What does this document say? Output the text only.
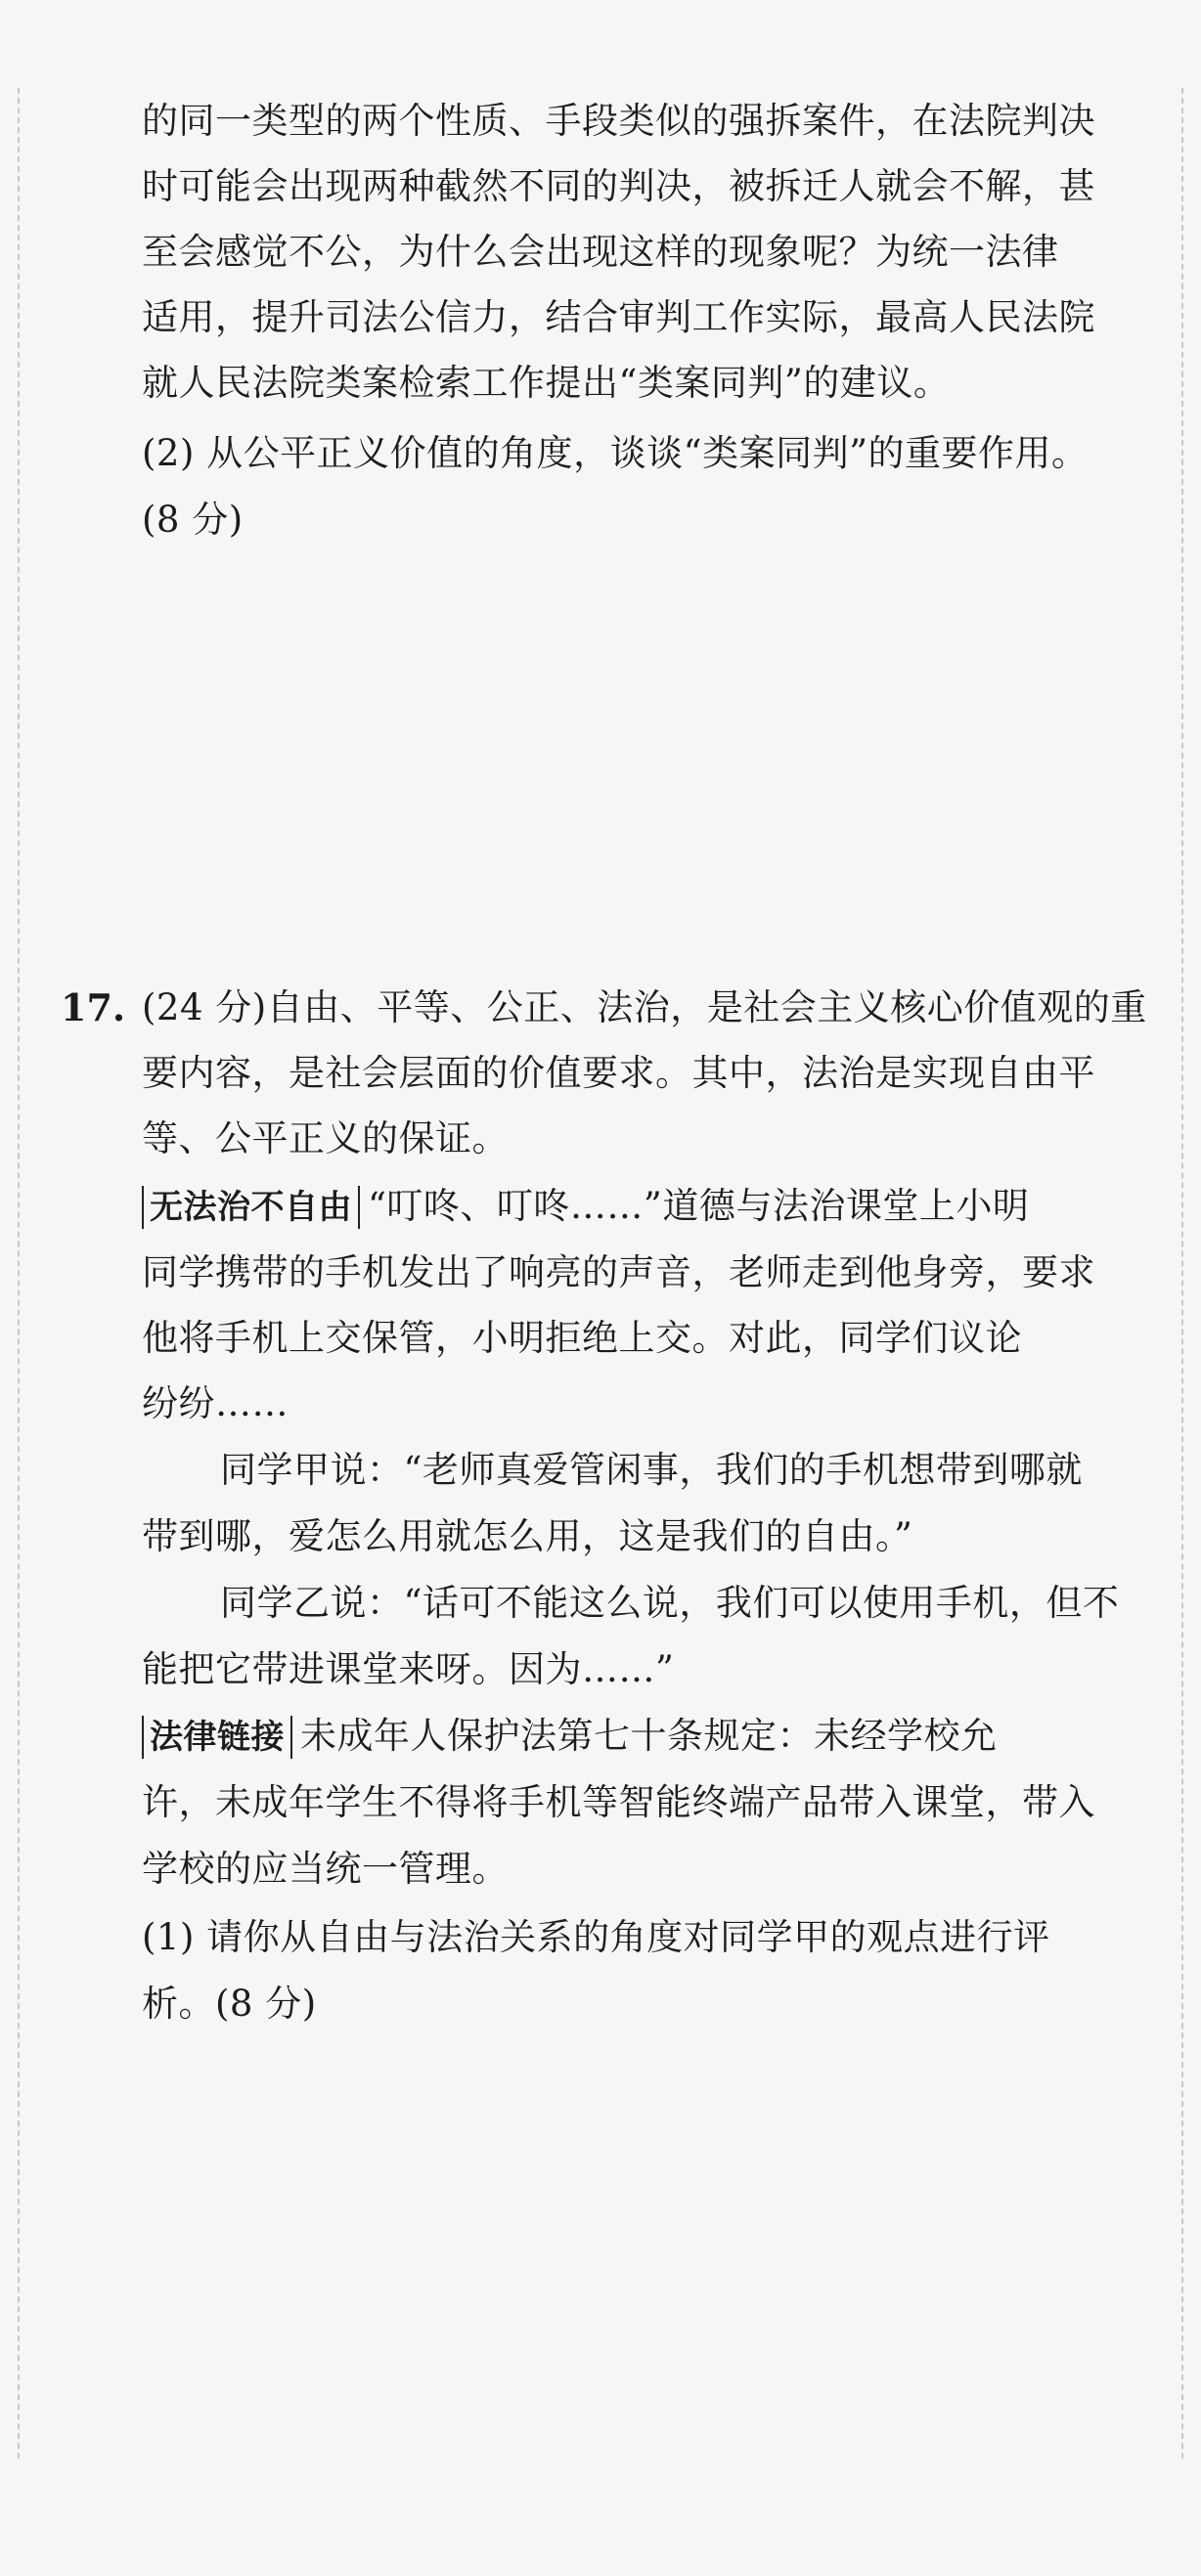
的同一类型的两个性质、手段类似的强拆案件，在法院判决
时可能会出现两种截然不同的判决，被拆迁人就会不解，甚
至会感觉不公，为什么会出现这样的现象呢？为统一法律
适用，提升司法公信力，结合审判工作实际，最高人民法院
就人民法院类案检索工作提出“类案同判”的建议。
(2) 从公平正义价值的角度，谈谈“类案同判”的重要作用。
(8 分)
17. (24 分)自由、平等、公正、法治，是社会主义核心价值观的重
要内容，是社会层面的价值要求。其中，法治是实现自由平
等、公平正义的保证。
无法治不自由 “叮咚、叮咚……”道德与法治课堂上小明
同学携带的手机发出了响亮的声音，老师走到他身旁，要求
他将手机上交保管，小明拒绝上交。对此，同学们议论
纷纷……
同学甲说：“老师真爱管闲事，我们的手机想带到哪就
带到哪，爱怎么用就怎么用，这是我们的自由。”
同学乙说：“话可不能这么说，我们可以使用手机，但不
能把它带进课堂来呀。因为……”
法律链接 未成年人保护法第七十条规定：未经学校允
许，未成年学生不得将手机等智能终端产品带入课堂，带入
学校的应当统一管理。
(1) 请你从自由与法治关系的角度对同学甲的观点进行评
析。(8 分)
